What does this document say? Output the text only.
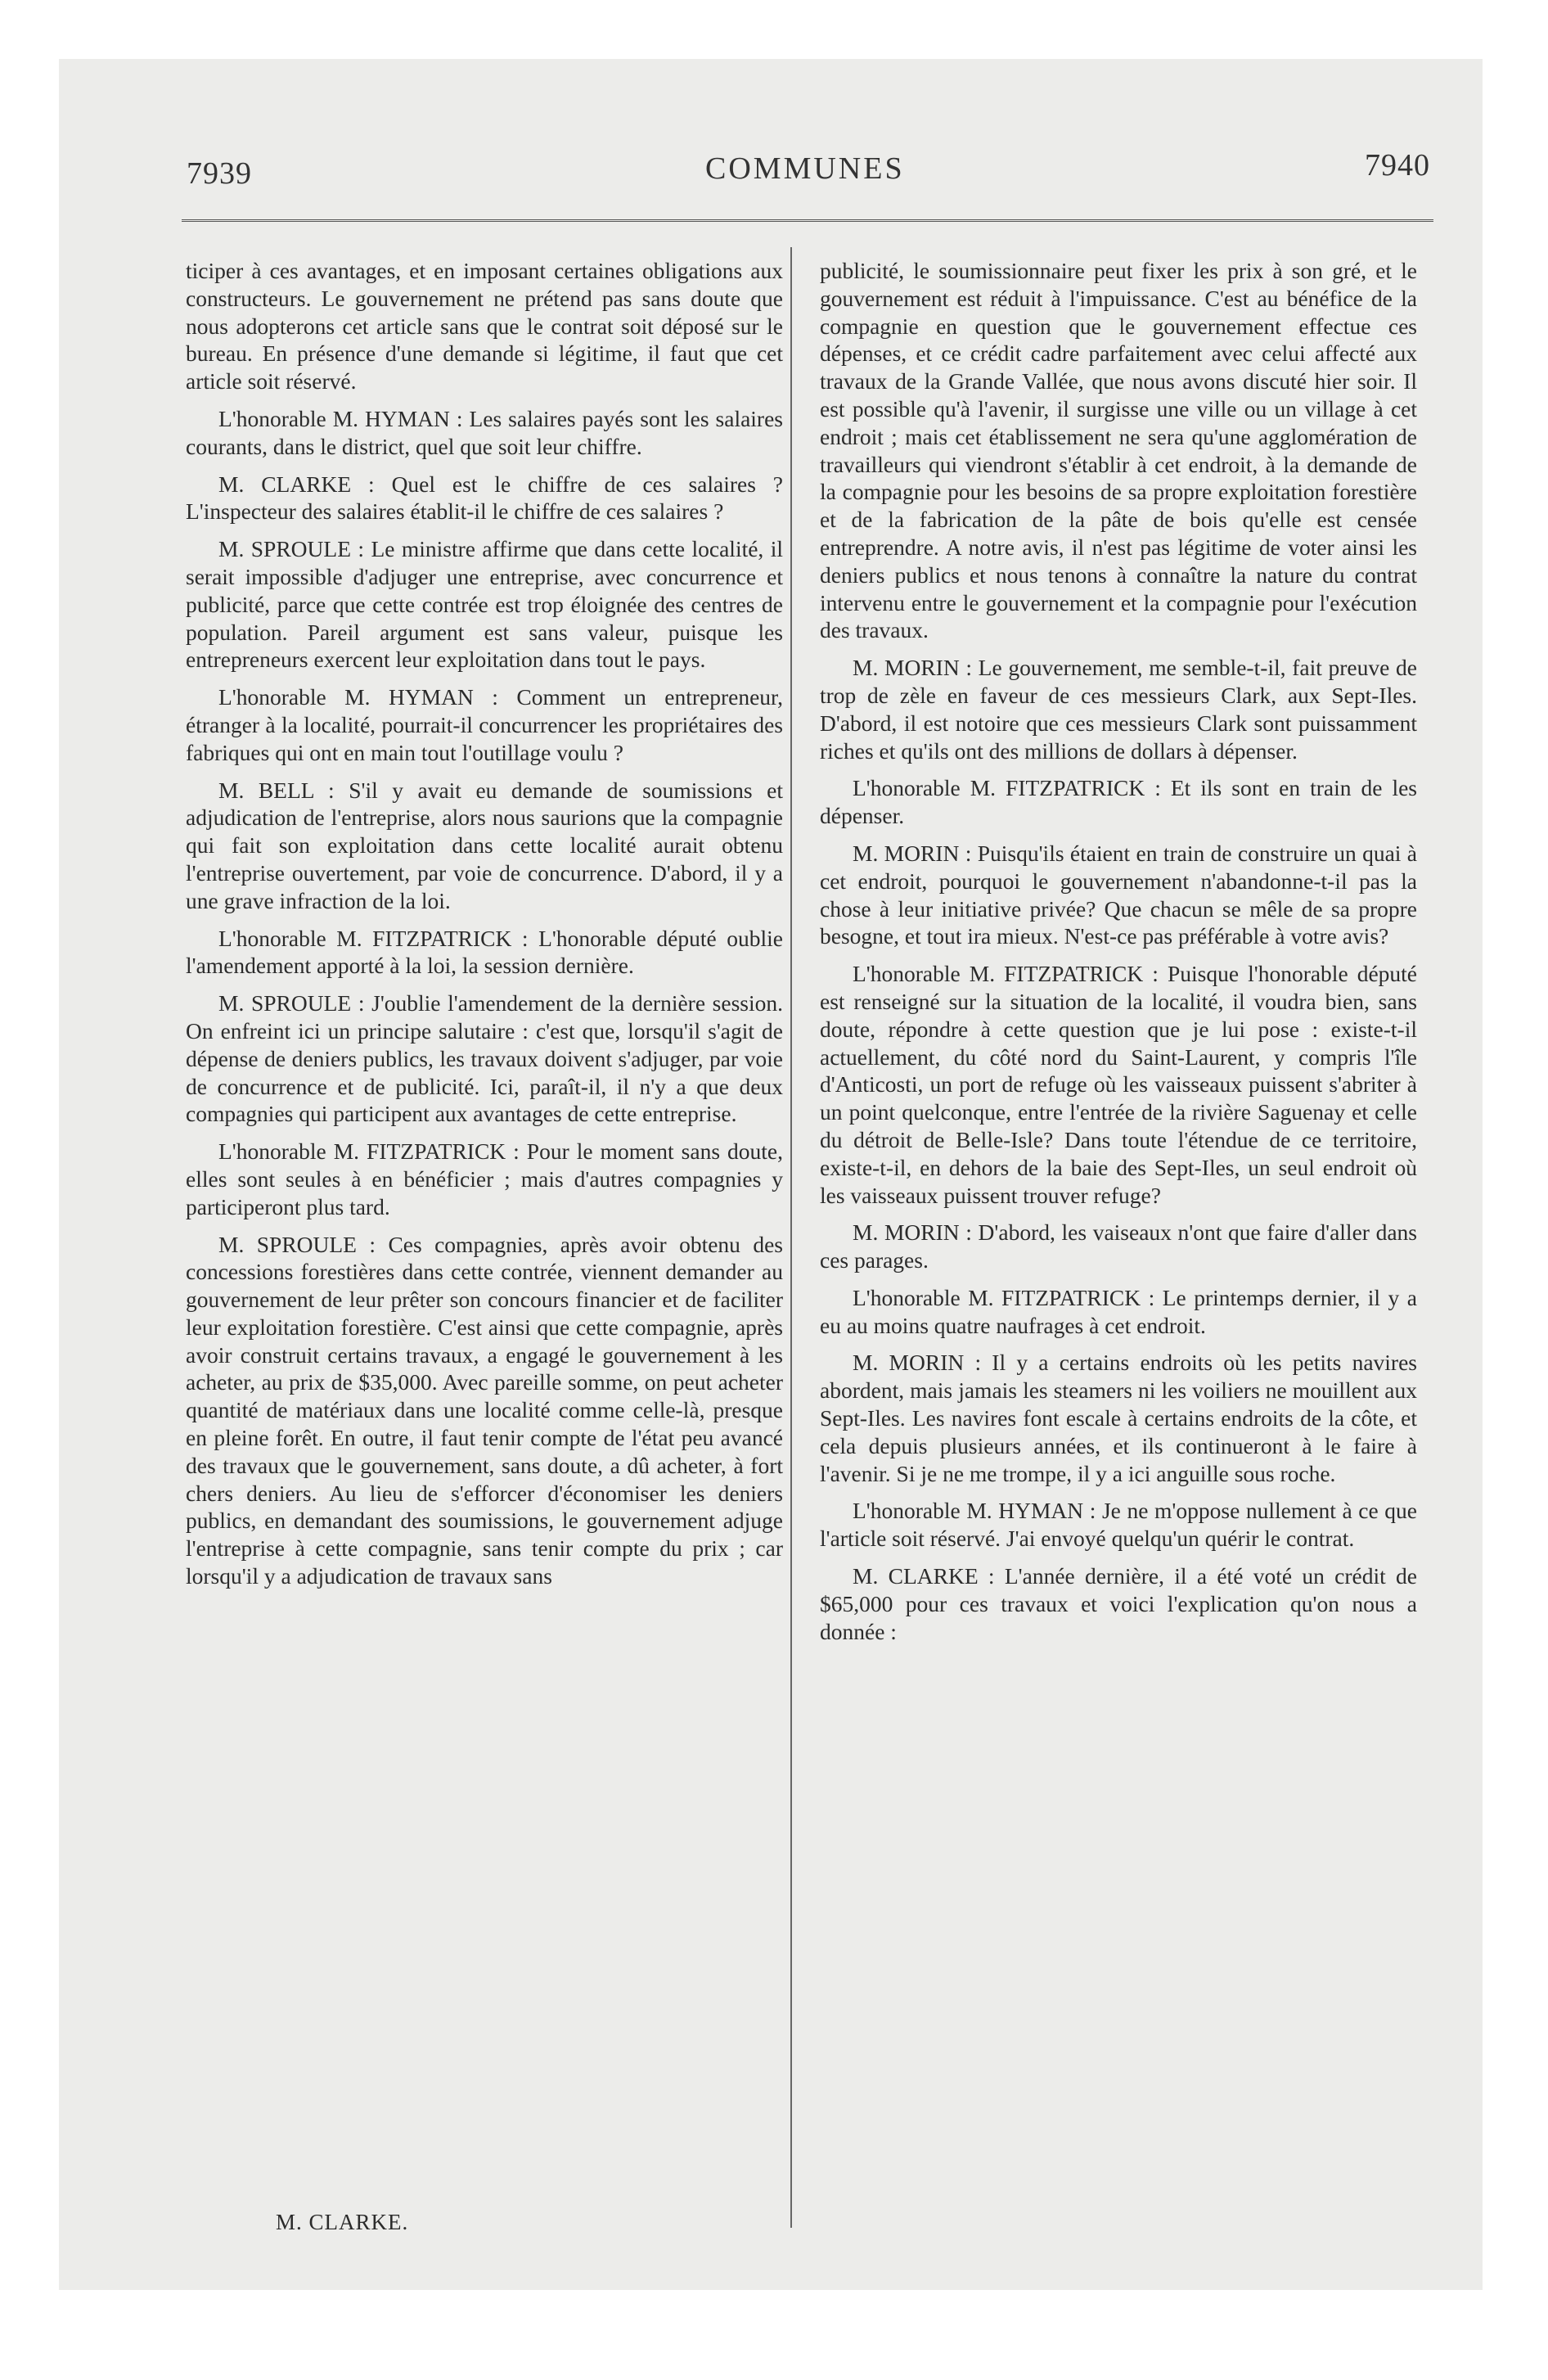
7939	COMMUNES	7940

ticiper à ces avantages, et en imposant certaines obligations aux constructeurs. Le gouvernement ne prétend pas sans doute que nous adopterons cet article sans que le contrat soit déposé sur le bureau. En présence d'une demande si légitime, il faut que cet article soit réservé.

L'honorable M. HYMAN : Les salaires payés sont les salaires courants, dans le district, quel que soit leur chiffre.

M. CLARKE : Quel est le chiffre de ces salaires ? L'inspecteur des salaires établit-il le chiffre de ces salaires ?

M. SPROULE : Le ministre affirme que dans cette localité, il serait impossible d'adjuger une entreprise, avec concurrence et publicité, parce que cette contrée est trop éloignée des centres de population. Pareil argument est sans valeur, puisque les entrepreneurs exercent leur exploitation dans tout le pays.

L'honorable M. HYMAN : Comment un entrepreneur, étranger à la localité, pourrait-il concurrencer les propriétaires des fabriques qui ont en main tout l'outillage voulu ?

M. BELL : S'il y avait eu demande de soumissions et adjudication de l'entreprise, alors nous saurions que la compagnie qui fait son exploitation dans cette localité aurait obtenu l'entreprise ouvertement, par voie de concurrence. D'abord, il y a une grave infraction de la loi.

L'honorable M. FITZPATRICK : L'honorable député oublie l'amendement apporté à la loi, la session dernière.

M. SPROULE : J'oublie l'amendement de la dernière session. On enfreint ici un principe salutaire : c'est que, lorsqu'il s'agit de dépense de deniers publics, les travaux doivent s'adjuger, par voie de concurrence et de publicité. Ici, paraît-il, il n'y a que deux compagnies qui participent aux avantages de cette entreprise.

L'honorable M. FITZPATRICK : Pour le moment sans doute, elles sont seules à en bénéficier ; mais d'autres compagnies y participeront plus tard.

M. SPROULE : Ces compagnies, après avoir obtenu des concessions forestières dans cette contrée, viennent demander au gouvernement de leur prêter son concours financier et de faciliter leur exploitation forestière. C'est ainsi que cette compagnie, après avoir construit certains travaux, a engagé le gouvernement à les acheter, au prix de $35,000. Avec pareille somme, on peut acheter quantité de matériaux dans une localité comme celle-là, presque en pleine forêt. En outre, il faut tenir compte de l'état peu avancé des travaux que le gouvernement, sans doute, a dû acheter, à fort chers deniers. Au lieu de s'efforcer d'économiser les deniers publics, en demandant des soumissions, le gouvernement adjuge l'entreprise à cette compagnie, sans tenir compte du prix ; car lorsqu'il y a adjudication de travaux sans

publicité, le soumissionnaire peut fixer les prix à son gré, et le gouvernement est réduit à l'impuissance. C'est au bénéfice de la compagnie en question que le gouvernement effectue ces dépenses, et ce crédit cadre parfaitement avec celui affecté aux travaux de la Grande Vallée, que nous avons discuté hier soir. Il est possible qu'à l'avenir, il surgisse une ville ou un village à cet endroit ; mais cet établissement ne sera qu'une agglomération de travailleurs qui viendront s'établir à cet endroit, à la demande de la compagnie pour les besoins de sa propre exploitation forestière et de la fabrication de la pâte de bois qu'elle est censée entreprendre. A notre avis, il n'est pas légitime de voter ainsi les deniers publics et nous tenons à connaître la nature du contrat intervenu entre le gouvernement et la compagnie pour l'exécution des travaux.

M. MORIN : Le gouvernement, me semble-t-il, fait preuve de trop de zèle en faveur de ces messieurs Clark, aux Sept-Iles. D'abord, il est notoire que ces messieurs Clark sont puissamment riches et qu'ils ont des millions de dollars à dépenser.

L'honorable M. FITZPATRICK : Et ils sont en train de les dépenser.

M. MORIN : Puisqu'ils étaient en train de construire un quai à cet endroit, pourquoi le gouvernement n'abandonne-t-il pas la chose à leur initiative privée? Que chacun se mêle de sa propre besogne, et tout ira mieux. N'est-ce pas préférable à votre avis?

L'honorable M. FITZPATRICK : Puisque l'honorable député est renseigné sur la situation de la localité, il voudra bien, sans doute, répondre à cette question que je lui pose : existe-t-il actuellement, du côté nord du Saint-Laurent, y compris l'île d'Anticosti, un port de refuge où les vaisseaux puissent s'abriter à un point quelconque, entre l'entrée de la rivière Saguenay et celle du détroit de Belle-Isle? Dans toute l'étendue de ce territoire, existe-t-il, en dehors de la baie des Sept-Iles, un seul endroit où les vaisseaux puissent trouver refuge?

M. MORIN : D'abord, les vaiseaux n'ont que faire d'aller dans ces parages.

L'honorable M. FITZPATRICK : Le printemps dernier, il y a eu au moins quatre naufrages à cet endroit.

M. MORIN : Il y a certains endroits où les petits navires abordent, mais jamais les steamers ni les voiliers ne mouillent aux Sept-Iles. Les navires font escale à certains endroits de la côte, et cela depuis plusieurs années, et ils continueront à le faire à l'avenir. Si je ne me trompe, il y a ici anguille sous roche.

L'honorable M. HYMAN : Je ne m'oppose nullement à ce que l'article soit réservé. J'ai envoyé quelqu'un quérir le contrat.

M. CLARKE : L'année dernière, il a été voté un crédit de $65,000 pour ces travaux et voici l'explication qu'on nous a donnée :

M. CLARKE.
